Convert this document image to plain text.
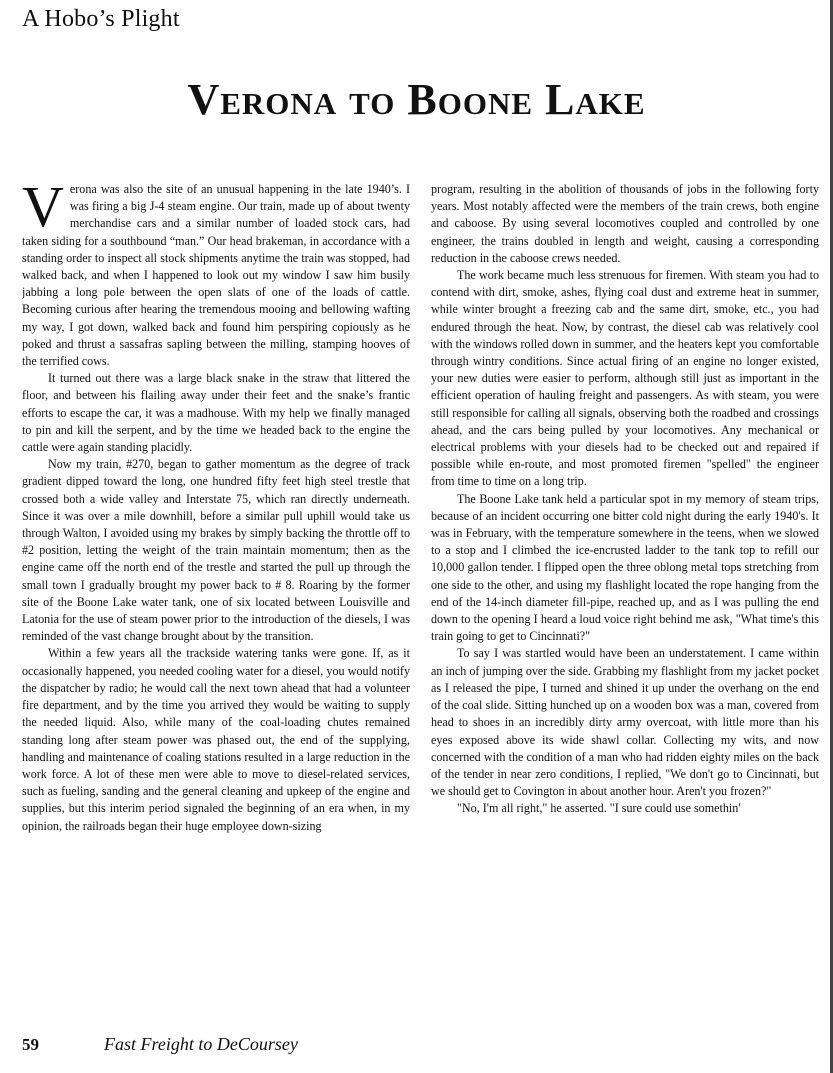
A Hobo’s Plight
Verona to Boone Lake

Verona was also the site of an unusual happening in the late 1940’s. I was firing a big J-4 steam engine. Our train, made up of about twenty merchandise cars and a similar number of loaded stock cars, had taken siding for a southbound “man.” Our head brakeman, in accordance with a standing order to inspect all stock shipments anytime the train was stopped, had walked back, and when I happened to look out my window I saw him busily jabbing a long pole between the open slats of one of the loads of cattle. Becoming curious after hearing the tremendous mooing and bellowing wafting my way, I got down, walked back and found him perspiring copiously as he poked and thrust a sassafras sapling between the milling, stamping hooves of the terrified cows.

It turned out there was a large black snake in the straw that littered the floor, and between his flailing away under their feet and the snake’s frantic efforts to escape the car, it was a madhouse. With my help we finally managed to pin and kill the serpent, and by the time we headed back to the engine the cattle were again standing placidly.

Now my train, #270, began to gather momentum as the degree of track gradient dipped toward the long, one hundred fifty feet high steel trestle that crossed both a wide valley and Interstate 75, which ran directly underneath. Since it was over a mile downhill, before a similar pull uphill would take us through Walton, I avoided using my brakes by simply backing the throttle off to #2 position, letting the weight of the train maintain momentum; then as the engine came off the north end of the trestle and started the pull up through the small town I gradually brought my power back to # 8. Roaring by the former site of the Boone Lake water tank, one of six located between Louisville and Latonia for the use of steam power prior to the introduction of the diesels, I was reminded of the vast change brought about by the transition.

Within a few years all the trackside watering tanks were gone. If, as it occasionally happened, you needed cooling water for a diesel, you would notify the dispatcher by radio; he would call the next town ahead that had a volunteer fire department, and by the time you arrived they would be waiting to supply the needed liquid. Also, while many of the coal-loading chutes remained standing long after steam power was phased out, the end of the supplying, handling and maintenance of coaling stations resulted in a large reduction in the work force. A lot of these men were able to move to diesel-related services, such as fueling, sanding and the general cleaning and upkeep of the engine and supplies, but this interim period signaled the beginning of an era when, in my opinion, the railroads began their huge employee down-sizing

program, resulting in the abolition of thousands of jobs in the following forty years. Most notably affected were the members of the train crews, both engine and caboose. By using several locomotives coupled and controlled by one engineer, the trains doubled in length and weight, causing a corresponding reduction in the caboose crews needed.

The work became much less strenuous for firemen. With steam you had to contend with dirt, smoke, ashes, flying coal dust and extreme heat in summer, while winter brought a freezing cab and the same dirt, smoke, etc., you had endured through the heat. Now, by contrast, the diesel cab was relatively cool with the windows rolled down in summer, and the heaters kept you comfortable through wintry conditions. Since actual firing of an engine no longer existed, your new duties were easier to perform, although still just as important in the efficient operation of hauling freight and passengers. As with steam, you were still responsible for calling all signals, observing both the roadbed and crossings ahead, and the cars being pulled by your locomotives. Any mechanical or electrical problems with your diesels had to be checked out and repaired if possible while en-route, and most promoted firemen "spelled" the engineer from time to time on a long trip.

The Boone Lake tank held a particular spot in my memory of steam trips, because of an incident occurring one bitter cold night during the early 1940's. It was in February, with the temperature somewhere in the teens, when we slowed to a stop and I climbed the ice-encrusted ladder to the tank top to refill our 10,000 gallon tender. I flipped open the three oblong metal tops stretching from one side to the other, and using my flashlight located the rope hanging from the end of the 14-inch diameter fill-pipe, reached up, and as I was pulling the end down to the opening I heard a loud voice right behind me ask, "What time's this train going to get to Cincinnati?"

To say I was startled would have been an understatement. I came within an inch of jumping over the side. Grabbing my flashlight from my jacket pocket as I released the pipe, I turned and shined it up under the overhang on the end of the coal slide. Sitting hunched up on a wooden box was a man, covered from head to shoes in an incredibly dirty army overcoat, with little more than his eyes exposed above its wide shawl collar. Collecting my wits, and now concerned with the condition of a man who had ridden eighty miles on the back of the tender in near zero conditions, I replied, "We don't go to Cincinnati, but we should get to Covington in about another hour. Aren't you frozen?"

"No, I'm all right," he asserted. "I sure could use somethin'

59	Fast Freight to DeCoursey
